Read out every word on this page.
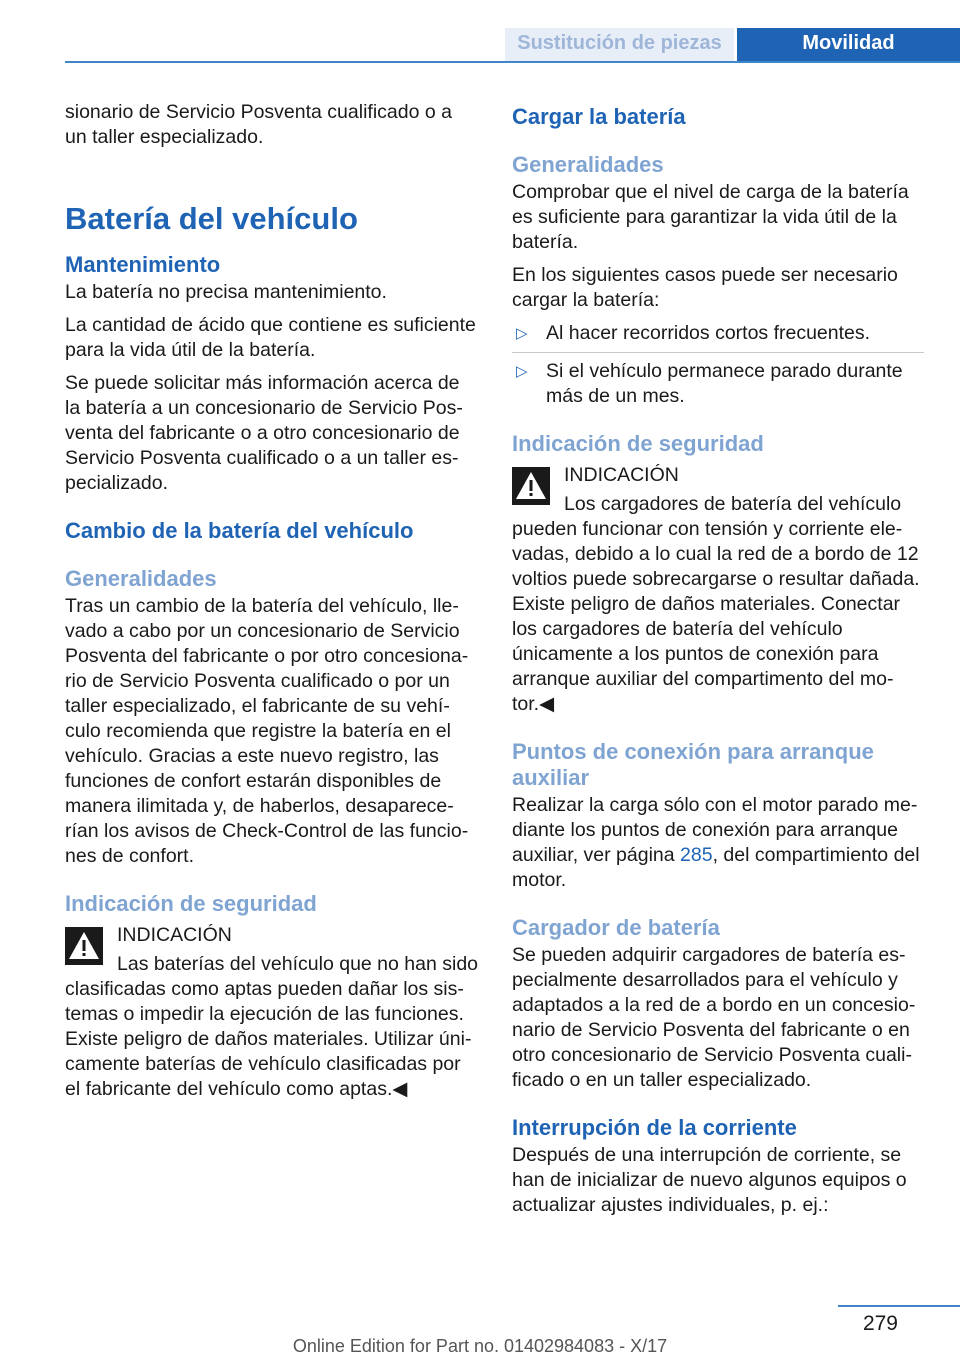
Sustitución de piezas	Movilidad

sionario de Servicio Posventa cualificado o a un taller especializado.

Batería del vehículo
Mantenimiento

La batería no precisa mantenimiento.

La cantidad de ácido que contiene es suficiente para la vida útil de la batería.

Se puede solicitar más información acerca de la batería a un concesionario de Servicio Posventa del fabricante o a otro concesionario de Servicio Posventa cualificado o a un taller especializado.

Cambio de la batería del vehículo
Generalidades

Tras un cambio de la batería del vehículo, llevado a cabo por un concesionario de Servicio Posventa del fabricante o por otro concesionario de Servicio Posventa cualificado o por un taller especializado, el fabricante de su vehículo recomienda que registre la batería en el vehículo. Gracias a este nuevo registro, las funciones de confort estarán disponibles de manera ilimitada y, de haberlos, desaparecerían los avisos de Check-Control de las funciones de confort.

Indicación de seguridad

INDICACIÓN

Las baterías del vehículo que no han sido clasificadas como aptas pueden dañar los sistemas o impedir la ejecución de las funciones. Existe peligro de daños materiales. Utilizar únicamente baterías de vehículo clasificadas por el fabricante del vehículo como aptas.◀

Cargar la batería
Generalidades

Comprobar que el nivel de carga de la batería es suficiente para garantizar la vida útil de la batería.

En los siguientes casos puede ser necesario cargar la batería:

▷ Al hacer recorridos cortos frecuentes.
▷ Si el vehículo permanece parado durante más de un mes.
Indicación de seguridad

INDICACIÓN

Los cargadores de batería del vehículo pueden funcionar con tensión y corriente elevadas, debido a lo cual la red de a bordo de 12 voltios puede sobrecargarse o resultar dañada. Existe peligro de daños materiales. Conectar los cargadores de batería del vehículo únicamente a los puntos de conexión para arranque auxiliar del compartimento del motor.◀

Puntos de conexión para arranque auxiliar

Realizar la carga sólo con el motor parado mediante los puntos de conexión para arranque auxiliar, ver página 285, del compartimiento del motor.

Cargador de batería

Se pueden adquirir cargadores de batería especialmente desarrollados para el vehículo y adaptados a la red de a bordo en un concesionario de Servicio Posventa del fabricante o en otro concesionario de Servicio Posventa cualificado o en un taller especializado.

Interrupción de la corriente

Después de una interrupción de corriente, se han de inicializar de nuevo algunos equipos o actualizar ajustes individuales, p. ej.:

279
Online Edition for Part no. 01402984083 - X/17
